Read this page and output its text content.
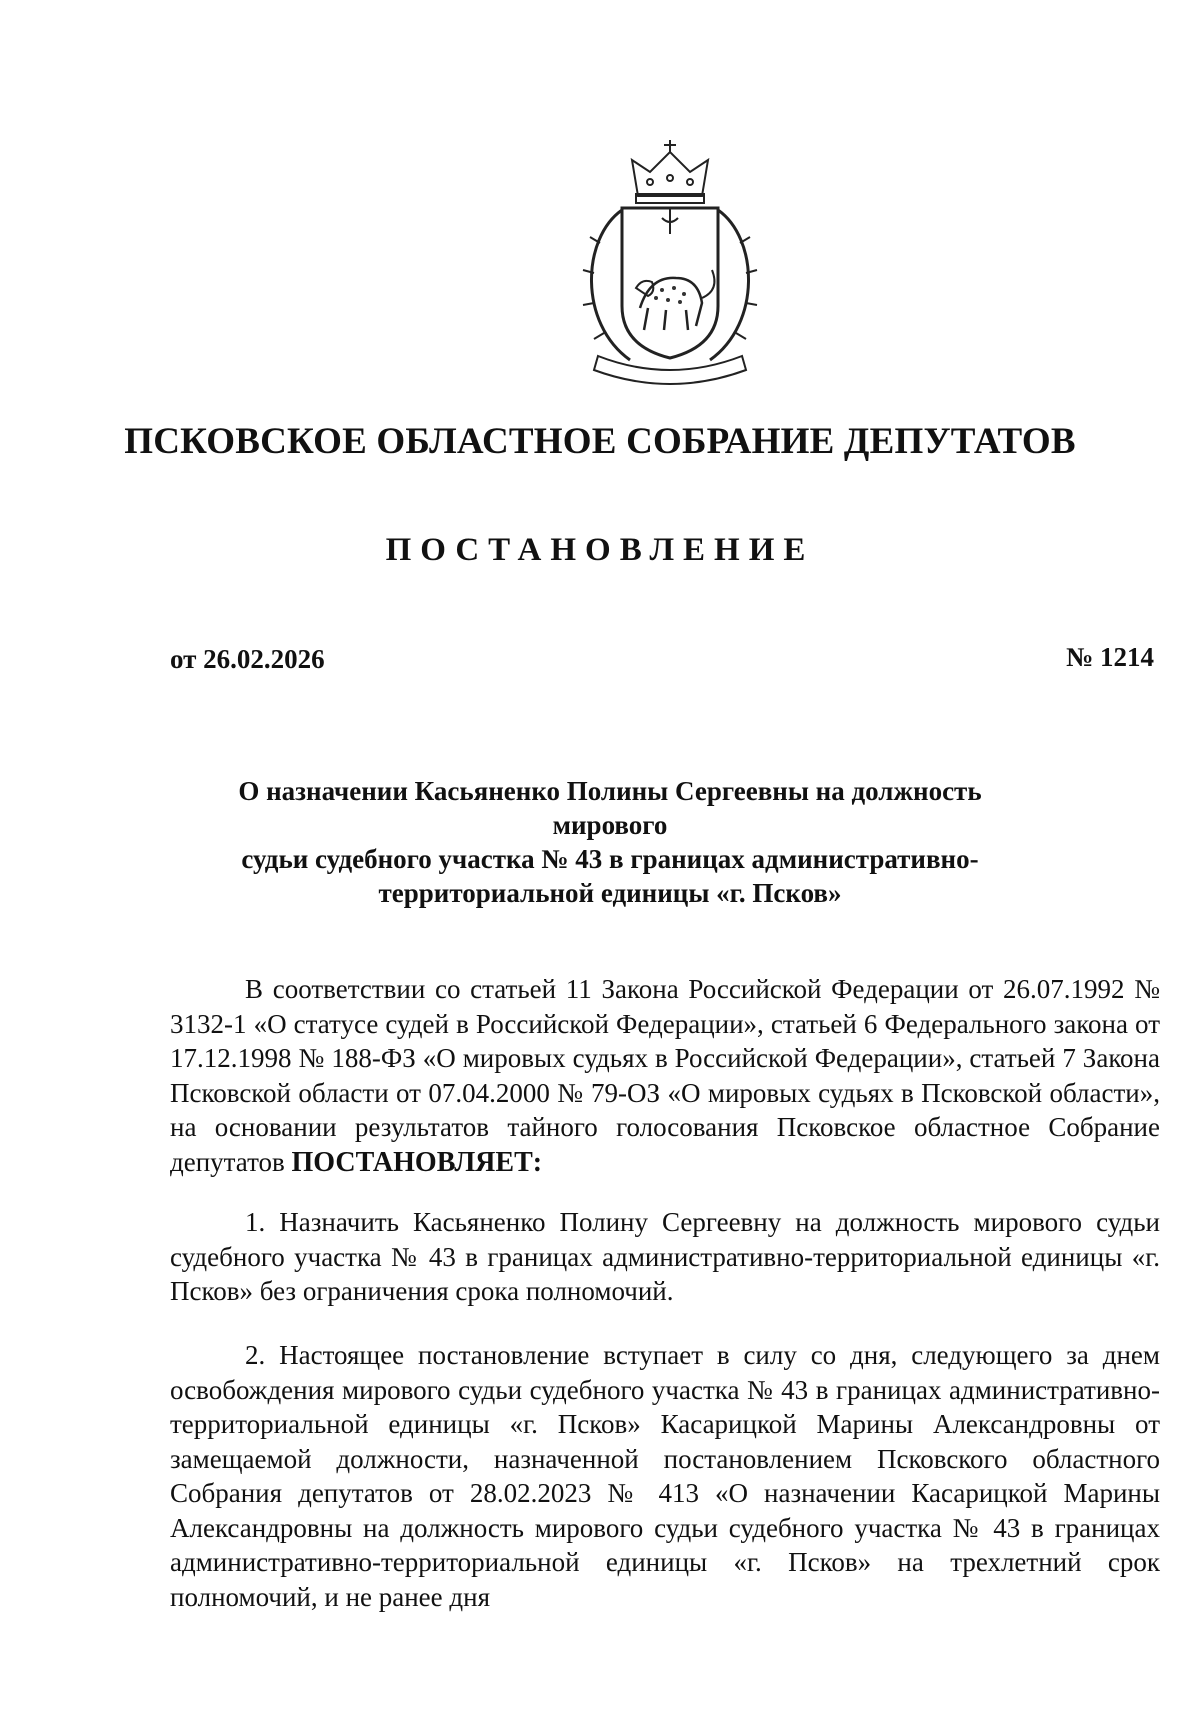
ПСКОВСКОЕ ОБЛАСТНОЕ СОБРАНИЕ ДЕПУТАТОВ
ПОСТАНОВЛЕНИЕ
от 26.02.2026	№ 1214
О назначении Касьяненко Полины Сергеевны на должность мирового
судьи судебного участка № 43 в границах административно-
территориальной единицы «г. Псков»
В соответствии со статьей 11 Закона Российской Федерации от 26.07.1992 № 3132-1 «О статусе судей в Российской Федерации», статьей 6 Федерального закона от 17.12.1998 № 188-ФЗ «О мировых судьях в Российской Федерации», статьей 7 Закона Псковской области от 07.04.2000 № 79-ОЗ «О мировых судьях в Псковской области», на основании результатов тайного голосования Псковское областное Собрание депутатов ПОСТАНОВЛЯЕТ:
1. Назначить Касьяненко Полину Сергеевну на должность мирового судьи судебного участка № 43 в границах административно-территориальной единицы «г. Псков» без ограничения срока полномочий.
2. Настоящее постановление вступает в силу со дня, следующего за днем освобождения мирового судьи судебного участка № 43 в границах административно-территориальной единицы «г. Псков» Касарицкой Марины Александровны от замещаемой должности, назначенной постановлением Псковского областного Собрания депутатов от 28.02.2023 № 413 «О назначении Касарицкой Марины Александровны на должность мирового судьи судебного участка № 43 в границах административно-территориальной единицы «г. Псков» на трехлетний срок полномочий, и не ранее дня
